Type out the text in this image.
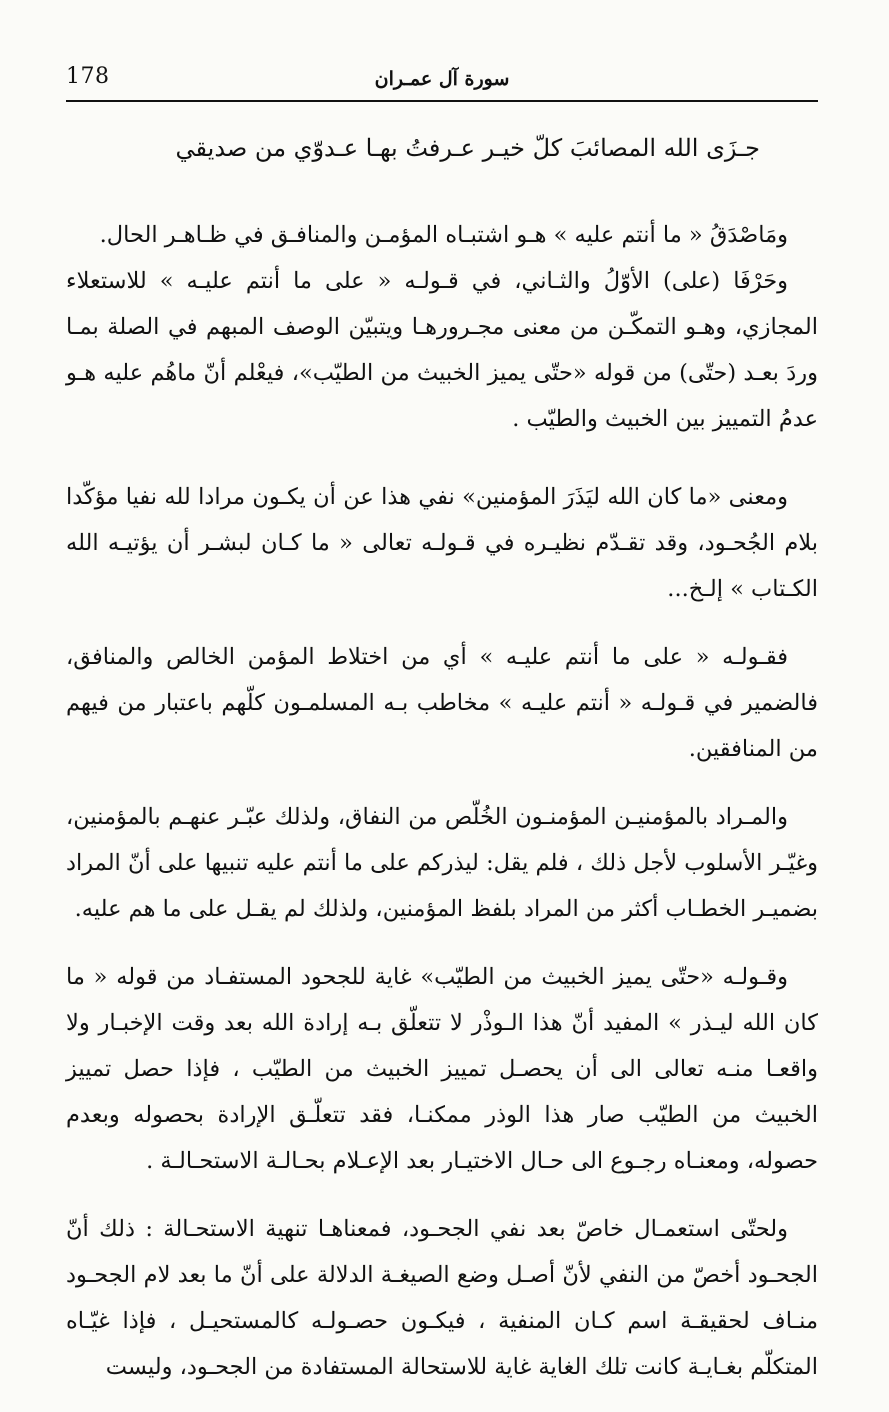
178	سورة آل عمـران
جـزَى الله المصائبَ كلّ خيـر عـرفتُ بهـا عـدوّي من صديقي

ومَاصْدَقُ « ما أنتم عليه » هـو اشتبـاه المؤمـن والمنافـق في ظـاهـر الحال.

وحَرْفَا (على) الأوّلُ والثـاني، في قـولـه « على ما أنتم عليـه » للاستعلاء المجازي، وهـو التمكّـن من معنى مجـرورهـا ويتبيّن الوصف المبهم في الصلة بمـا وردَ بعـد (حتّى) من قوله «حتّى يميز الخبيث من الطيّب»، فيعْلم أنّ ماهُم عليه هـو عدمُ التمييز بين الخبيث والطيّب .

ومعنى «ما كان الله ليَذَرَ المؤمنين» نفي هذا عن أن يكـون مرادا لله نفيا مؤكّدا بلام الجُحـود، وقد تقـدّم نظيـره في قـولـه تعالى « ما كـان لبشـر أن يؤتيـه الله الكـتاب » إلـخ...

فقـولـه « على ما أنتم عليـه » أي من اختلاط المؤمن الخالص والمنافق، فالضمير في قـولـه « أنتم عليـه » مخاطب بـه المسلمـون كلّهم باعتبار من فيهم من المنافقين.

والمـراد بالمؤمنيـن المؤمنـون الخُلّص من النفاق، ولذلك عبّـر عنهـم بالمؤمنين، وغيّـر الأسلوب لأجل ذلك ، فلم يقل: ليذركم على ما أنتم عليه تنبيها على أنّ المراد بضميـر الخطـاب أكثر من المراد بلفظ المؤمنين، ولذلك لم يقـل على ما هم عليه.

وقـولـه «حتّى يميز الخبيث من الطيّب» غاية للجحود المستفـاد من قوله « ما كان الله ليـذر » المفيد أنّ هذا الـوذْر لا تتعلّق بـه إرادة الله بعد وقت الإخبـار ولا واقعـا منـه تعالى الى أن يحصـل تمييز الخبيث من الطيّب ، فإذا حصل تمييز الخبيث من الطيّب صار هذا الوذر ممكنـا، فقد تتعلّـق الإرادة بحصوله وبعدم حصوله، ومعنـاه رجـوع الى حـال الاختيـار بعد الإعـلام بحـالـة الاستحـالـة .

ولحتّى استعمـال خاصّ بعد نفي الجحـود، فمعناهـا تنهية الاستحـالة : ذلك أنّ الجحـود أخصّ من النفي لأنّ أصـل وضع الصيغـة الدلالة على أنّ ما بعد لام الجحـود منـاف لحقيقـة اسم كـان المنفية ، فيكـون حصـولـه كالمستحيـل ، فإذا غيّـاه المتكلّم بغـايـة كانت تلك الغاية غاية للاستحالة المستفادة من الجحـود، وليست
